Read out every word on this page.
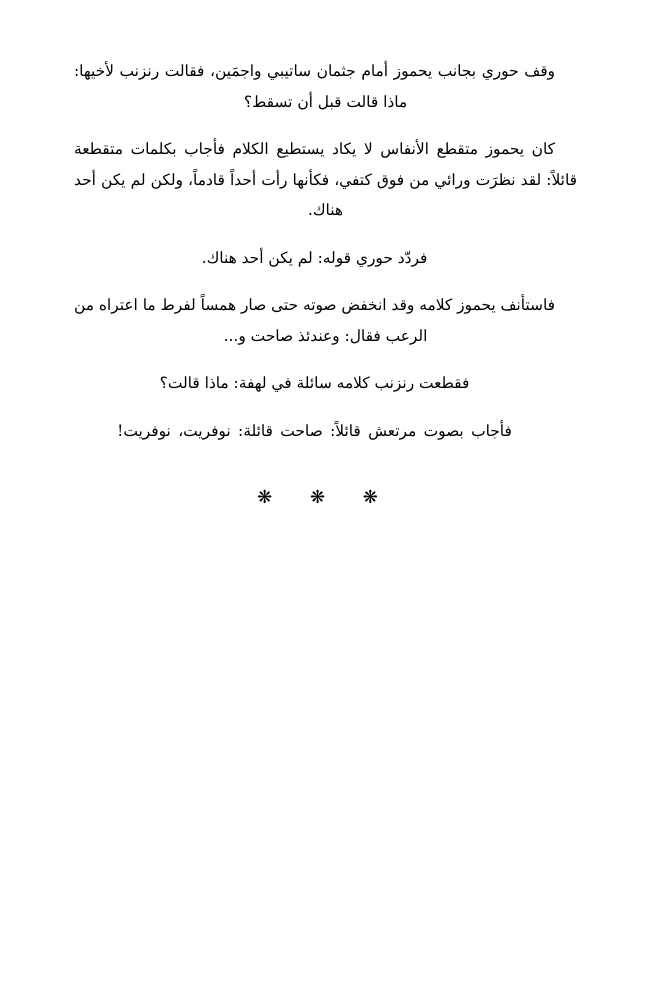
وقف حوري بجانب يحموز أمام جثمان ساتيبي واجمَين، فقالت رنزنب لأخيها: ماذا قالت قبل أن تسقط؟

كان يحموز متقطع الأنفاس لا يكاد يستطيع الكلام فأجاب بكلمات متقطعة قائلاً: لقد نظرَت ورائي من فوق كتفي، فكأنها رأت أحداً قادماً، ولكن لم يكن أحد هناك.

فردّد حوري قوله: لم يكن أحد هناك.

فاستأنف يحموز كلامه وقد انخفض صوته حتى صار همساً لفرط ما اعتراه من الرعب فقال: وعندئذ صاحت و...

فقطعت رنزنب كلامه سائلة في لهفة: ماذا قالت؟

فأجاب بصوت مرتعش قائلاً: صاحت قائلة: نوفريت، نوفريت!

❋ ❋ ❋
